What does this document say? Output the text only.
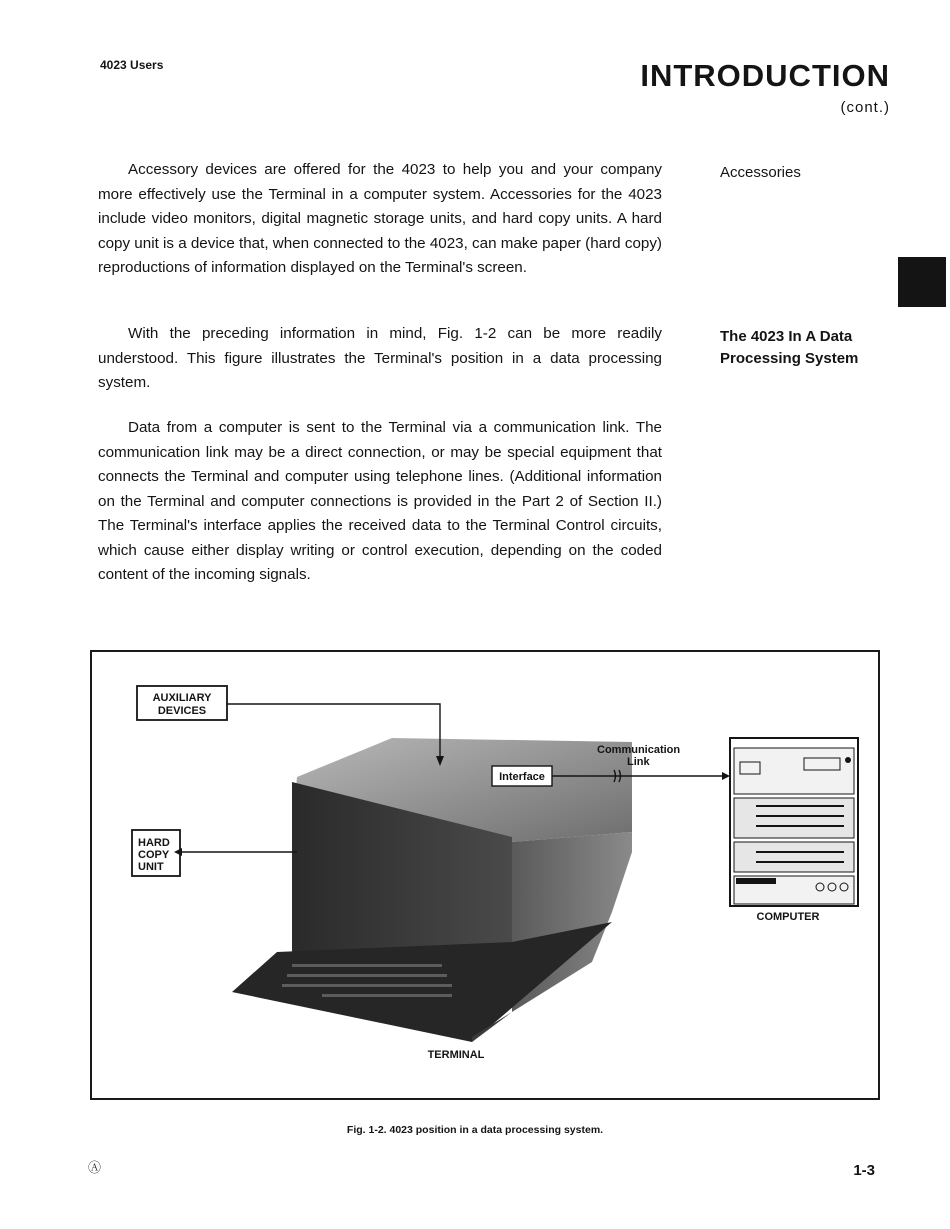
4023 Users	INTRODUCTION
(cont.)

Accessory devices are offered for the 4023 to help you and your company more effectively use the Terminal in a computer system. Accessories for the 4023 include video monitors, digital magnetic storage units, and hard copy units. A hard copy unit is a device that, when connected to the 4023, can make paper (hard copy) reproductions of information displayed on the Terminal's screen.

With the preceding information in mind, Fig. 1-2 can be more readily understood. This figure illustrates the Terminal's position in a data processing system.

Data from a computer is sent to the Terminal via a communication link. The communication link may be a direct connection, or may be special equipment that connects the Terminal and computer using telephone lines. (Additional information on the Terminal and computer connections is provided in the Part 2 of Section II.) The Terminal's interface applies the received data to the Terminal Control circuits, which cause either display writing or control execution, depending on the coded content of the incoming signals.

Accessories
The 4023 In A Data Processing System
AUXILIARY
DEVICES
HARD
COPY
UNIT
Interface
Communication
Link
COMPUTER
TERMINAL
Fig. 1-2. 4023 position in a data processing system.
Ⓐ	1-3
